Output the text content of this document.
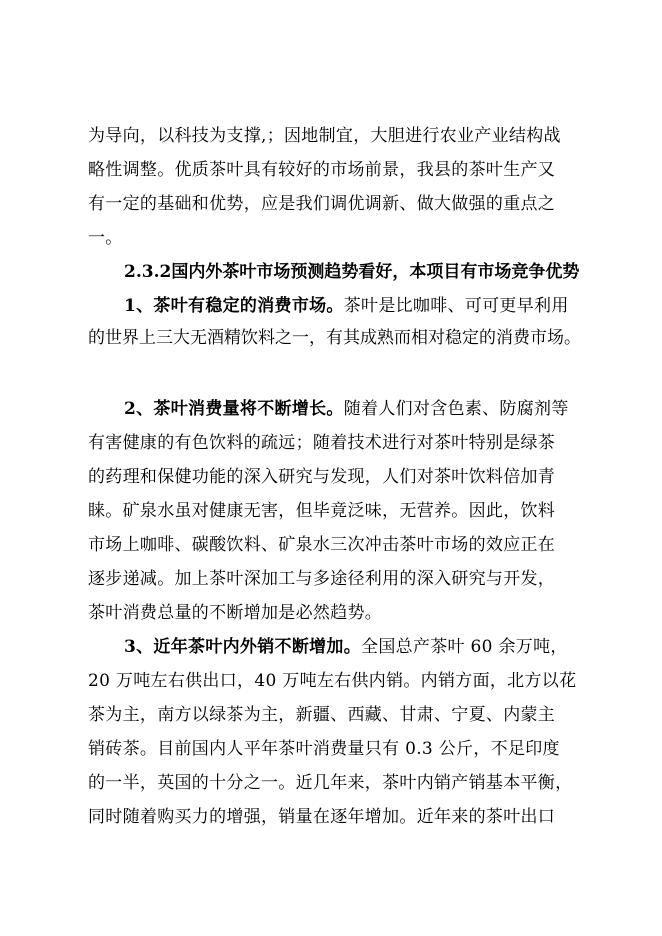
为导向，以科技为支撑,；因地制宜，大胆进行农业产业结构战
略性调整。优质茶叶具有较好的市场前景，我县的茶叶生产又
有一定的基础和优势，应是我们调优调新、做大做强的重点之
一。
2.3.2国内外茶叶市场预测趋势看好，本项目有市场竞争优势
1、茶叶有稳定的消费市场。茶叶是比咖啡、可可更早利用
的世界上三大无酒精饮料之一，有其成熟而相对稳定的消费市场。
2、茶叶消费量将不断增长。随着人们对含色素、防腐剂等
有害健康的有色饮料的疏远；随着技术进行对茶叶特别是绿茶
的药理和保健功能的深入研究与发现，人们对茶叶饮料倍加青
睐。矿泉水虽对健康无害，但毕竟泛味，无营养。因此，饮料
市场上咖啡、碳酸饮料、矿泉水三次冲击茶叶市场的效应正在
逐步递减。加上茶叶深加工与多途径利用的深入研究与开发，
茶叶消费总量的不断增加是必然趋势。
3、近年茶叶内外销不断增加。全国总产茶叶 60 余万吨，
20 万吨左右供出口，40 万吨左右供内销。内销方面，北方以花
茶为主，南方以绿茶为主，新疆、西藏、甘肃、宁夏、内蒙主
销砖茶。目前国内人平年茶叶消费量只有 0.3 公斤，不足印度
的一半，英国的十分之一。近几年来，茶叶内销产销基本平衡，
同时随着购买力的增强，销量在逐年增加。近年来的茶叶出口
